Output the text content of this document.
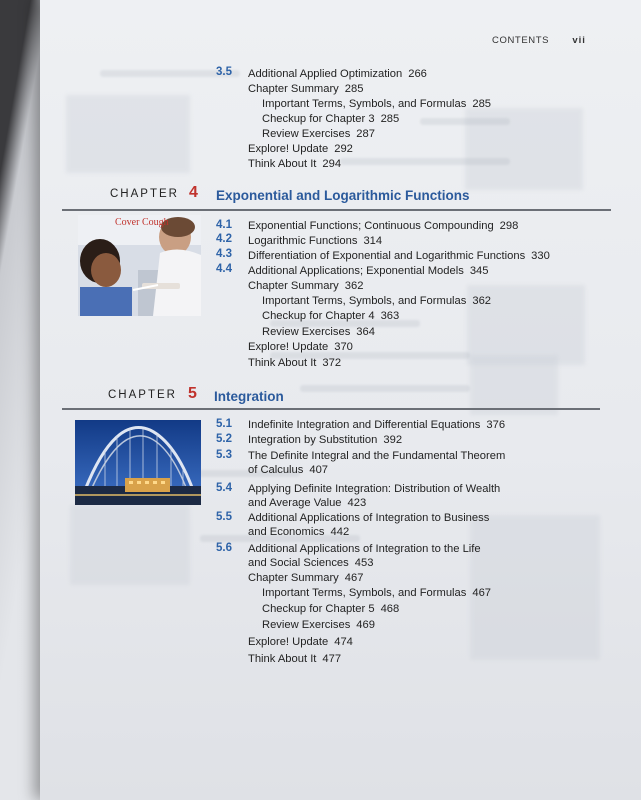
CONTENTS vii
3.5 Additional Applied Optimization 266
Chapter Summary 285
Important Terms, Symbols, and Formulas 285
Checkup for Chapter 3 285
Review Exercises 287
Explore! Update 292
Think About It 294
CHAPTER 4 Exponential and Logarithmic Functions
Cover Cough	4.1 Exponential Functions; Continuous Compounding 298
4.2 Logarithmic Functions 314
4.3 Differentiation of Exponential and Logarithmic Functions 330
4.4 Additional Applications; Exponential Models 345
Chapter Summary 362
Important Terms, Symbols, and Formulas 362
Checkup for Chapter 4 363
Review Exercises 364
Explore! Update 370
Think About It 372
CHAPTER 5 Integration
5.1 Indefinite Integration and Differential Equations 376
5.2 Integration by Substitution 392
5.3 The Definite Integral and the Fundamental Theorem
of Calculus 407
5.4 Applying Definite Integration: Distribution of Wealth
and Average Value 423
5.5 Additional Applications of Integration to Business
and Economics 442
5.6 Additional Applications of Integration to the Life
and Social Sciences 453
Chapter Summary 467
Important Terms, Symbols, and Formulas 467
Checkup for Chapter 5 468
Review Exercises 469
Explore! Update 474
Think About It 477
